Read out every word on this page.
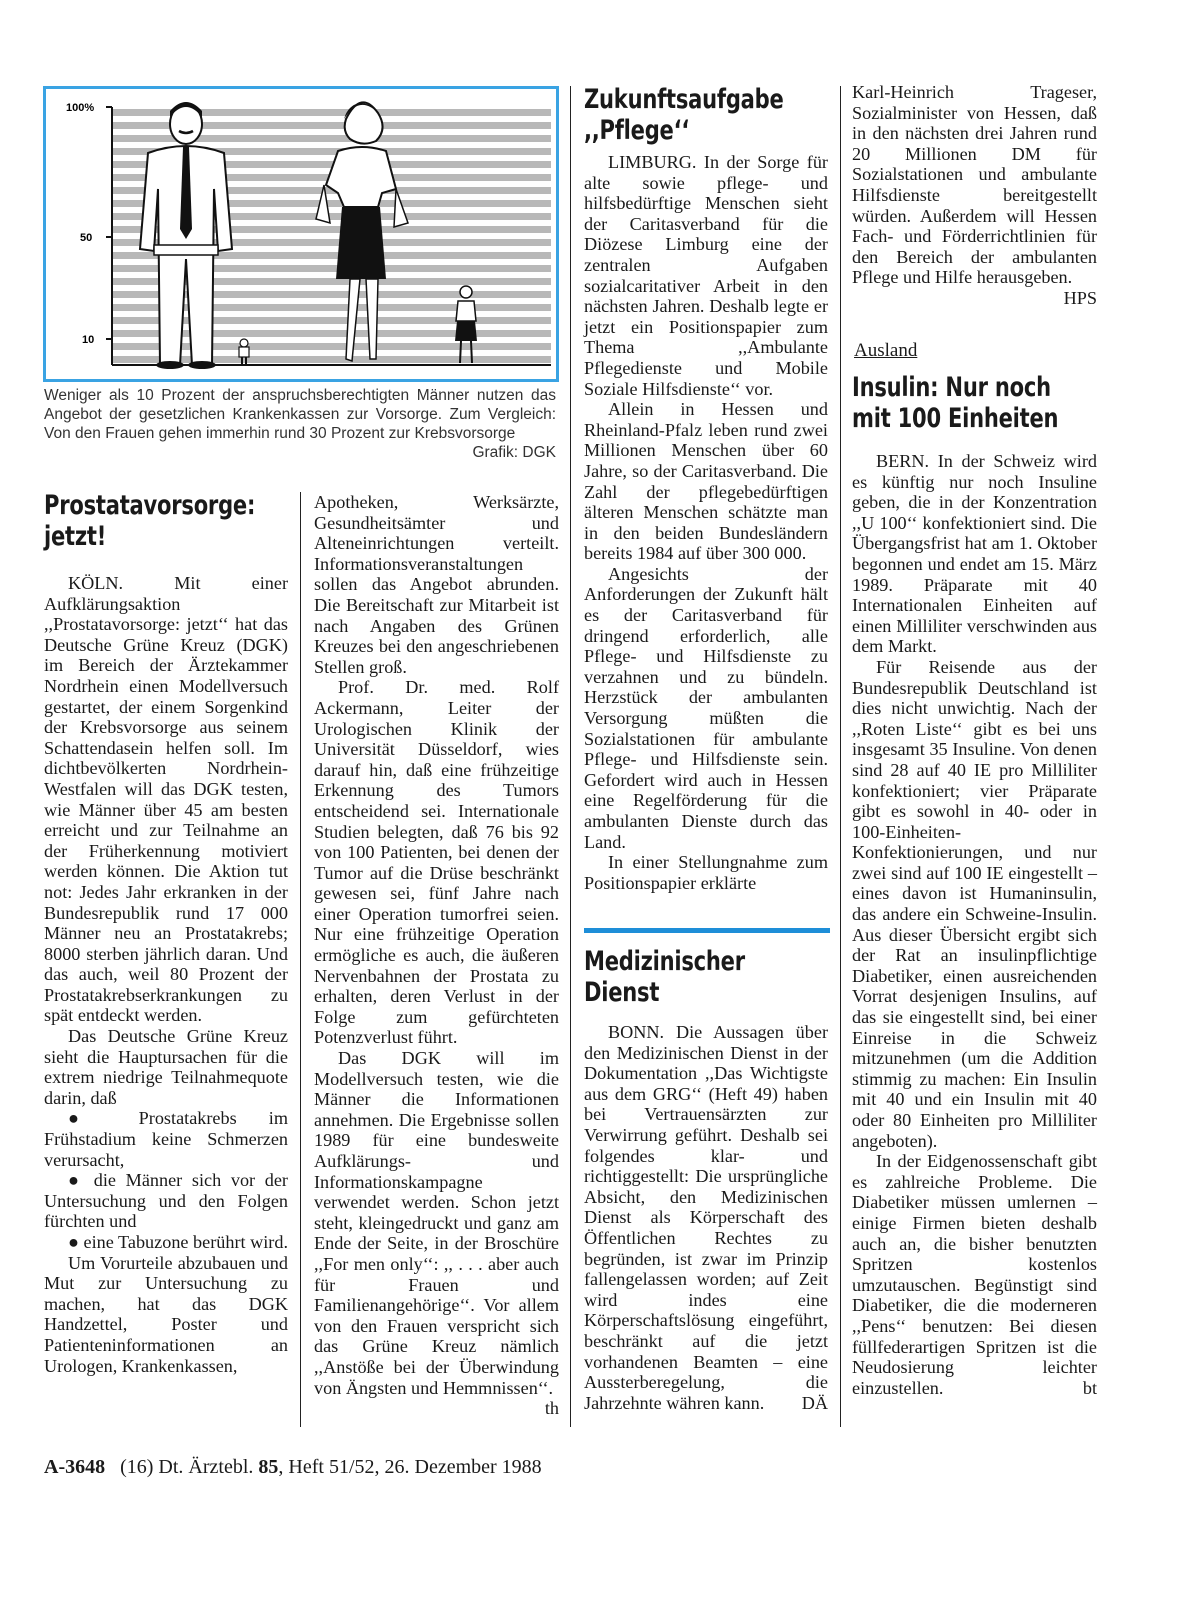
100%
50
10
Weniger als 10 Prozent der anspruchsberechtigten Männer nutzen das Angebot der gesetzlichen Krankenkassen zur Vorsorge. Zum Vergleich: Von den Frauen gehen immerhin rund 30 Prozent zur Krebsvorsorge
Grafik: DGK
Prostatavorsorge:
jetzt!

KÖLN. Mit einer Aufklärungsaktion ,,Prostatavorsorge: jetzt‘‘ hat das Deutsche Grüne Kreuz (DGK) im Bereich der Ärztekammer Nordrhein einen Modellversuch gestartet, der einem Sorgenkind der Krebsvorsorge aus seinem Schattendasein helfen soll. Im dichtbevölkerten Nordrhein-Westfalen will das DGK testen, wie Männer über 45 am besten erreicht und zur Teilnahme an der Früherkennung motiviert werden können. Die Aktion tut not: Jedes Jahr erkranken in der Bundesrepublik rund 17 000 Männer neu an Prostatakrebs; 8000 sterben jährlich daran. Und das auch, weil 80 Prozent der Prostatakrebserkrankungen zu spät entdeckt werden.

Das Deutsche Grüne Kreuz sieht die Hauptursachen für die extrem niedrige Teilnahmequote darin, daß

● Prostatakrebs im Frühstadium keine Schmerzen verursacht,

● die Männer sich vor der Untersuchung und den Folgen fürchten und

● eine Tabuzone berührt wird.

Um Vorurteile abzubauen und Mut zur Untersuchung zu machen, hat das DGK Handzettel, Poster und Patienteninformationen an Urologen, Krankenkassen,

Apotheken, Werksärzte, Gesundheitsämter und Alteneinrichtungen verteilt. Informationsveranstaltungen sollen das Angebot abrunden. Die Bereitschaft zur Mitarbeit ist nach Angaben des Grünen Kreuzes bei den angeschriebenen Stellen groß.

Prof. Dr. med. Rolf Ackermann, Leiter der Urologischen Klinik der Universität Düsseldorf, wies darauf hin, daß eine frühzeitige Erkennung des Tumors entscheidend sei. Internationale Studien belegten, daß 76 bis 92 von 100 Patienten, bei denen der Tumor auf die Drüse beschränkt gewesen sei, fünf Jahre nach einer Operation tumorfrei seien. Nur eine frühzeitige Operation ermögliche es auch, die äußeren Nervenbahnen der Prostata zu erhalten, deren Verlust in der Folge zum gefürchteten Potenzverlust führt.

Das DGK will im Modellversuch testen, wie die Männer die Informationen annehmen. Die Ergebnisse sollen 1989 für eine bundesweite Aufklärungs- und Informationskampagne verwendet werden. Schon jetzt steht, kleingedruckt und ganz am Ende der Seite, in der Broschüre ,,For men only‘‘: ,, . . . aber auch für Frauen und Familienangehörige‘‘. Vor allem von den Frauen verspricht sich das Grüne Kreuz nämlich ,,Anstöße bei der Überwindung von Ängsten und Hemmnissen‘‘.
th

Zukunftsaufgabe
,,Pflege‘‘

LIMBURG. In der Sorge für alte sowie pflege- und hilfsbedürftige Menschen sieht der Caritasverband für die Diözese Limburg eine der zentralen Aufgaben sozialcaritativer Arbeit in den nächsten Jahren. Deshalb legte er jetzt ein Positionspapier zum Thema ,,Ambulante Pflegedienste und Mobile Soziale Hilfsdienste‘‘ vor.

Allein in Hessen und Rheinland-Pfalz leben rund zwei Millionen Menschen über 60 Jahre, so der Caritasverband. Die Zahl der pflegebedürftigen älteren Menschen schätzte man in den beiden Bundesländern bereits 1984 auf über 300 000.

Angesichts der Anforderungen der Zukunft hält es der Caritasverband für dringend erforderlich, alle Pflege- und Hilfsdienste zu verzahnen und zu bündeln. Herzstück der ambulanten Versorgung müßten die Sozialstationen für ambulante Pflege- und Hilfsdienste sein. Gefordert wird auch in Hessen eine Regelförderung für die ambulanten Dienste durch das Land.

In einer Stellungnahme zum Positionspapier erklärte

Medizinischer
Dienst

BONN. Die Aussagen über den Medizinischen Dienst in der Dokumentation ,,Das Wichtigste aus dem GRG‘‘ (Heft 49) haben bei Vertrauensärzten zur Verwirrung geführt. Deshalb sei folgendes klar- und richtiggestellt: Die ursprüngliche Absicht, den Medizinischen Dienst als Körperschaft des Öffentlichen Rechtes zu begründen, ist zwar im Prinzip fallengelassen worden; auf Zeit wird indes eine Körperschaftslösung eingeführt, beschränkt auf die jetzt vorhandenen Beamten – eine Aussterberegelung, die Jahrzehnte währen kann.	DÄ

Karl-Heinrich Trageser, Sozialminister von Hessen, daß in den nächsten drei Jahren rund 20 Millionen DM für Sozialstationen und ambulante Hilfsdienste bereitgestellt würden. Außerdem will Hessen Fach- und Förderrichtlinien für den Bereich der ambulanten Pflege und Hilfe herausgeben.
HPS

Ausland
Insulin: Nur noch
mit 100 Einheiten

BERN. In der Schweiz wird es künftig nur noch Insuline geben, die in der Konzentration ,,U 100‘‘ konfektioniert sind. Die Übergangsfrist hat am 1. Oktober begonnen und endet am 15. März 1989. Präparate mit 40 Internationalen Einheiten auf einen Milliliter verschwinden aus dem Markt.

Für Reisende aus der Bundesrepublik Deutschland ist dies nicht unwichtig. Nach der ,,Roten Liste‘‘ gibt es bei uns insgesamt 35 Insuline. Von denen sind 28 auf 40 IE pro Milliliter konfektioniert; vier Präparate gibt es sowohl in 40- oder in 100-Einheiten-Konfektionierungen, und nur zwei sind auf 100 IE eingestellt – eines davon ist Humaninsulin, das andere ein Schweine-Insulin. Aus dieser Übersicht ergibt sich der Rat an insulinpflichtige Diabetiker, einen ausreichenden Vorrat desjenigen Insulins, auf das sie eingestellt sind, bei einer Einreise in die Schweiz mitzunehmen (um die Addition stimmig zu machen: Ein Insulin mit 40 und ein Insulin mit 40 oder 80 Einheiten pro Milliliter angeboten).

In der Eidgenossenschaft gibt es zahlreiche Probleme. Die Diabetiker müssen umlernen – einige Firmen bieten deshalb auch an, die bisher benutzten Spritzen kostenlos umzutauschen. Begünstigt sind Diabetiker, die die moderneren ,,Pens‘‘ benutzen: Bei diesen füllfederartigen Spritzen ist die Neudosierung leichter einzustellen.	bt

A-3648 (16) Dt. Ärztebl. 85, Heft 51/52, 26. Dezember 1988
